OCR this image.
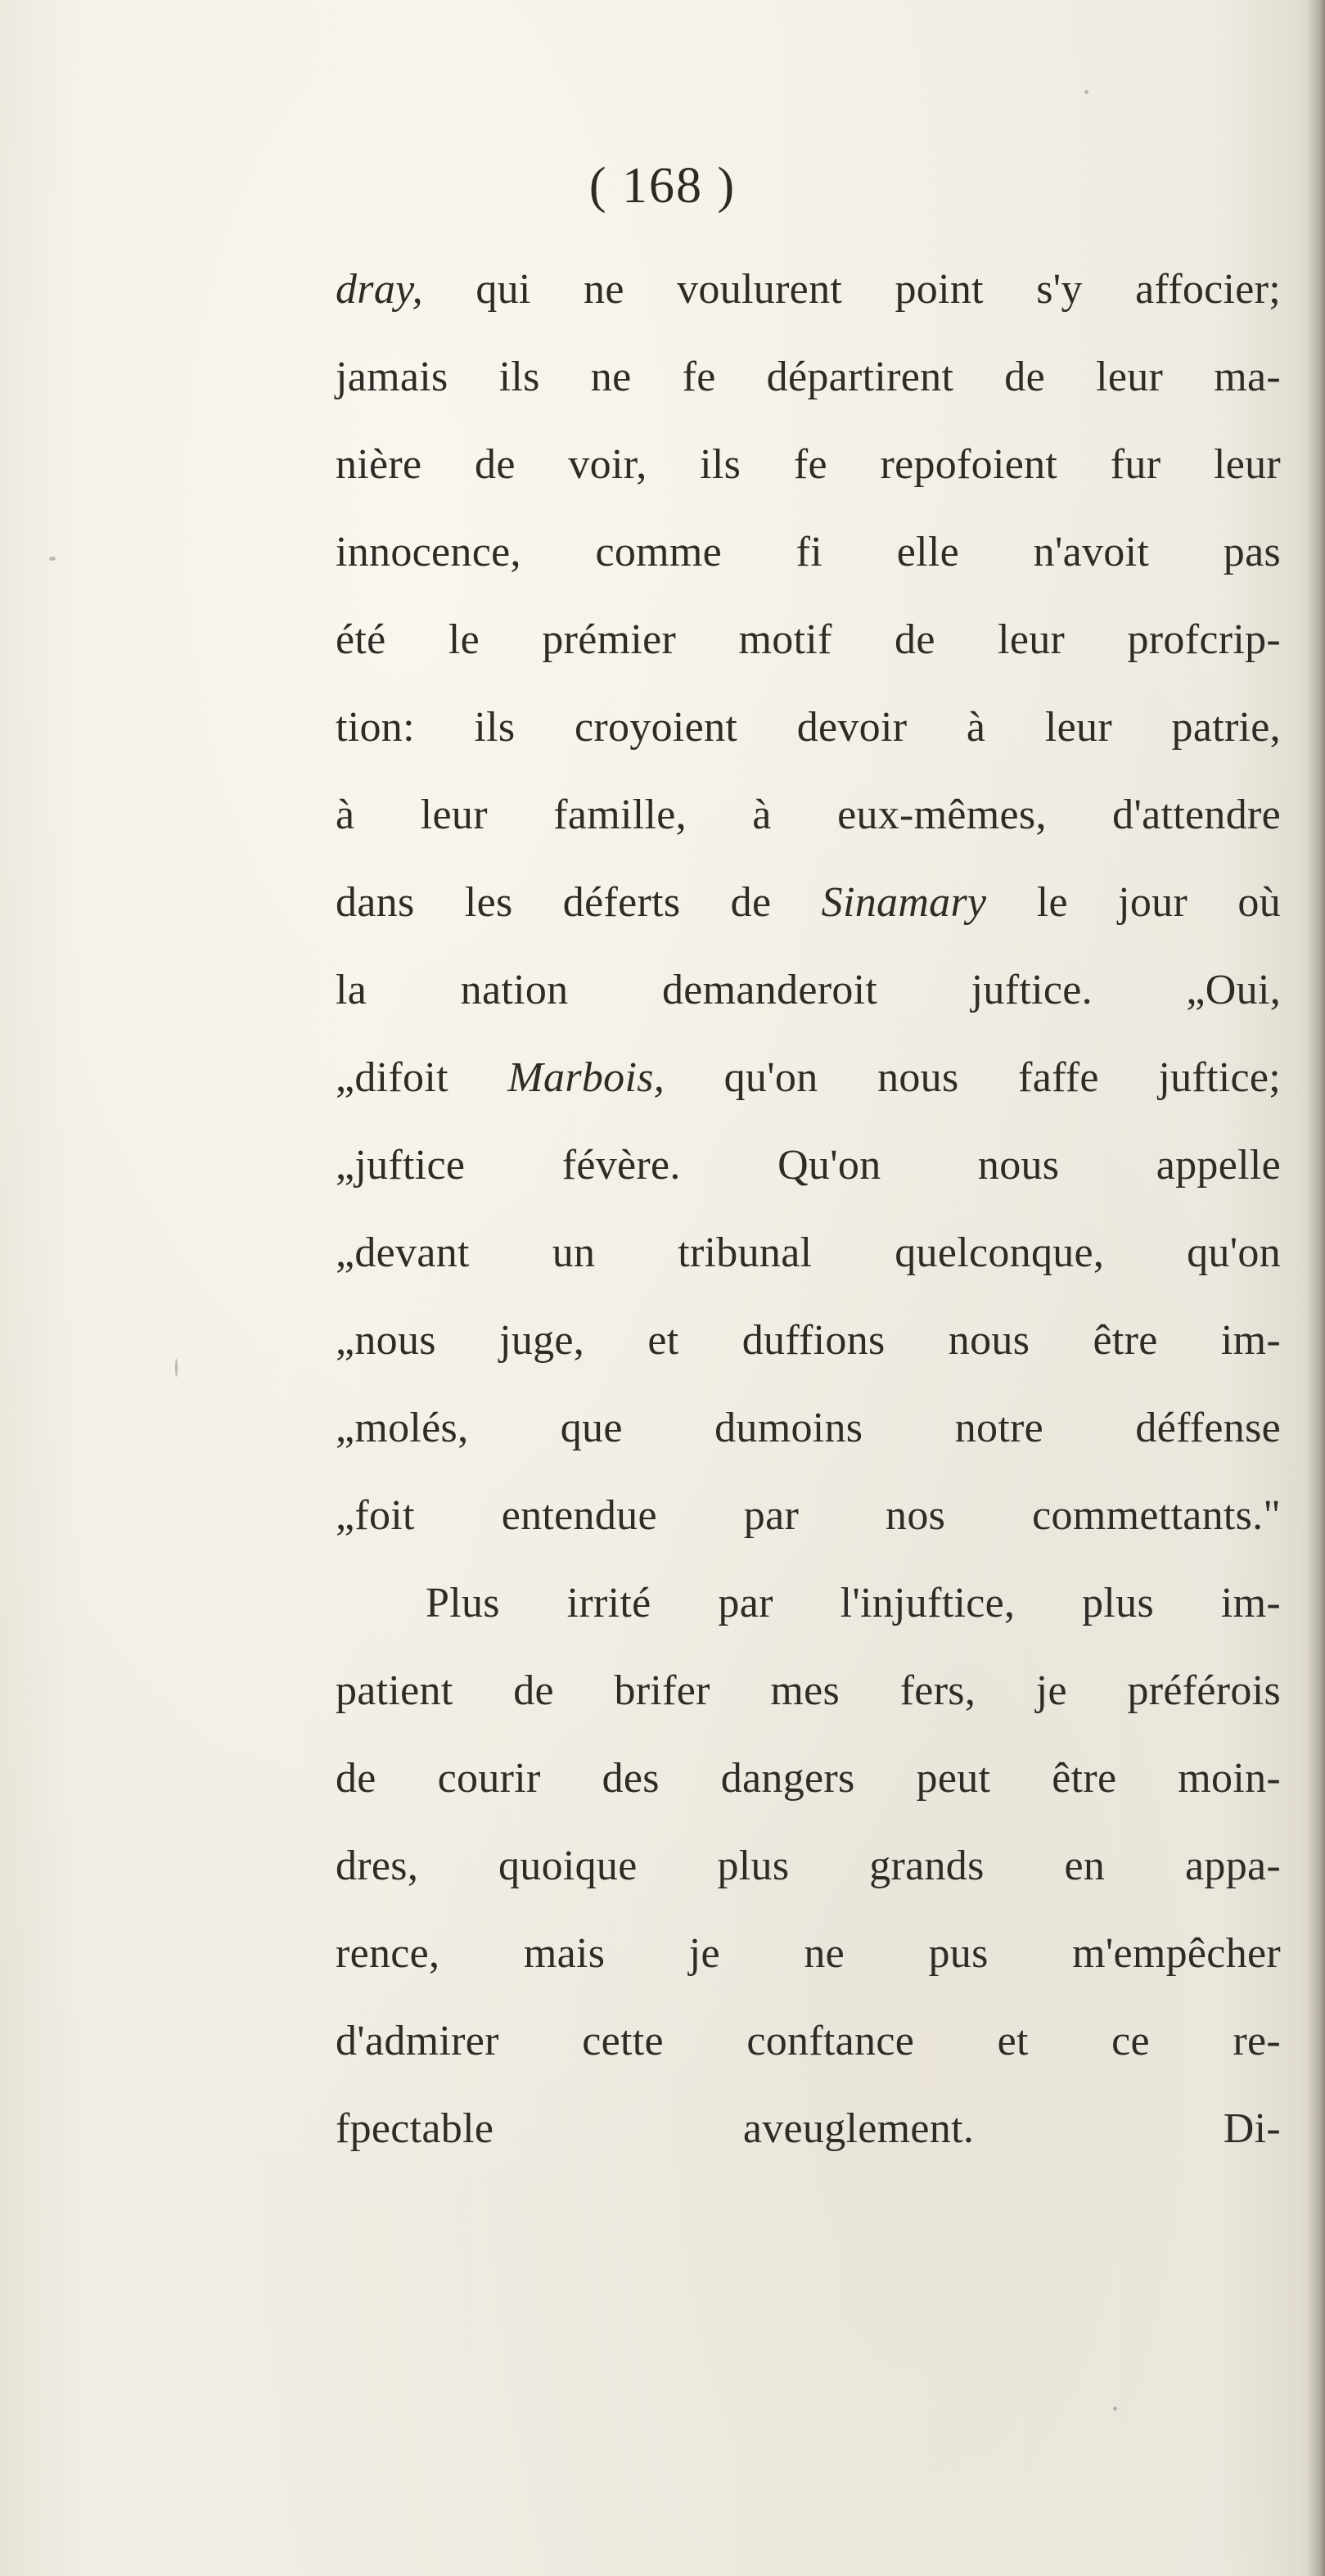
( 168 )
dray, qui ne voulurent point s'y affocier;
jamais ils ne fe départirent de leur ma-
nière de voir, ils fe repofoient fur leur
innocence, comme fi elle n'avoit pas
été le prémier motif de leur profcrip-
tion: ils croyoient devoir à leur patrie,
à leur famille, à eux-mêmes, d'attendre
dans les déferts de Sinamary le jour où
la nation demanderoit juftice. „Oui,
„difoit Marbois, qu'on nous faffe juftice;
„juftice févère. Qu'on nous appelle
„devant un tribunal quelconque, qu'on
„nous juge, et duffions nous être im-
„molés, que dumoins notre déffense
„foit entendue par nos commettants."
Plus irrité par l'injuftice, plus im-
patient de brifer mes fers, je préférois
de courir des dangers peut être moin-
dres, quoique plus grands en appa-
rence, mais je ne pus m'empêcher
d'admirer cette conftance et ce re-
fpectable aveuglement. Di-
